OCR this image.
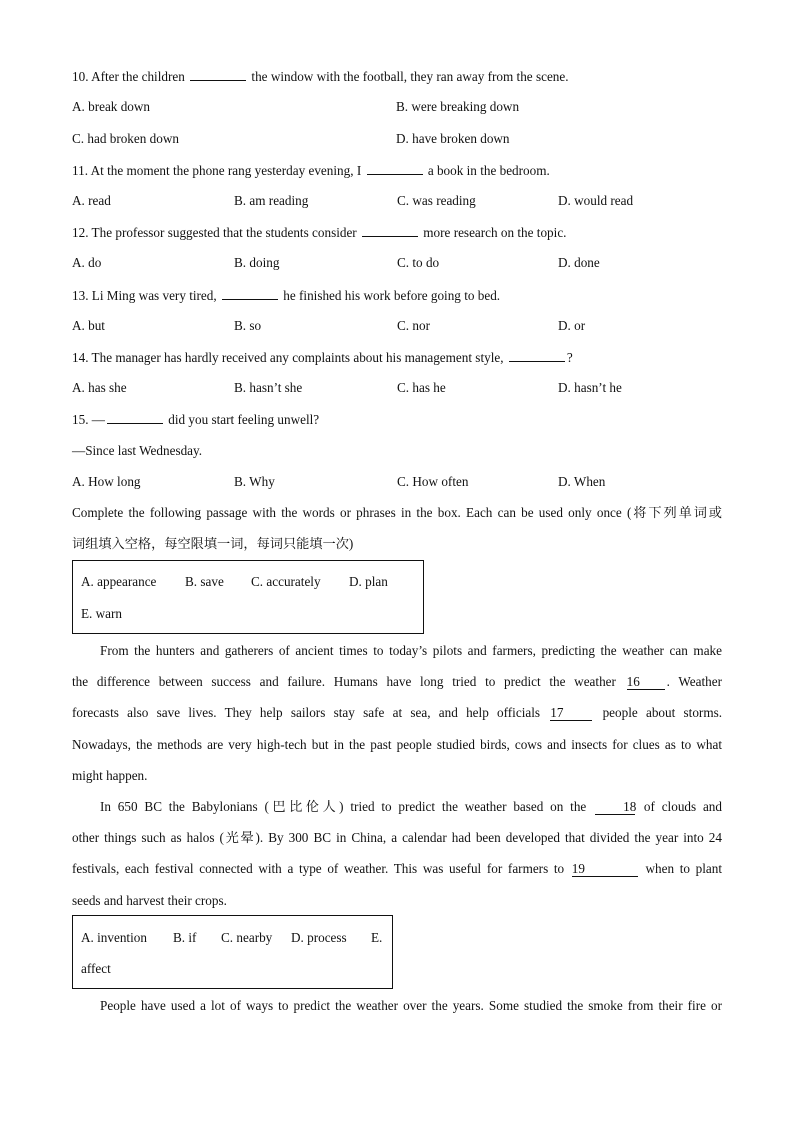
10. After the children	the window with the football, they ran away from the scene.
A. break down	B. were breaking down
C. had broken down	D. have broken down
11. At the moment the phone rang yesterday evening, I	a book in the bedroom.
A. read	B. am reading	C. was reading	D. would read
12. The professor suggested that the students consider	more research on the topic.
A. do	B. doing	C. to do	D. done
13. Li Ming was very tired,	he finished his work before going to bed.
A. but	B. so	C. nor	D. or
14. The manager has hardly received any complaints about his management style,	?
A. has she	B. hasn’t she	C. has he	D. hasn’t he
15. —	did you start feeling unwell?
—Since last Wednesday.
A. How long	B. Why	C. How often	D. When
Complete the following passage with the words or phrases in the box. Each can be used only once (将下列单词或
词组填入空格，每空限填一词，每词只能填一次)
A. appearance B. save C. accurately D. plan
E. warn
From the hunters and gatherers of ancient times to today’s pilots and farmers, predicting the weather can make
the difference between success and failure. Humans have long tried to predict the weather 16 . Weather
forecasts also save lives. They help sailors stay safe at sea, and help officials 17	people about storms.
Nowadays, the methods are very high-tech but in the past people studied birds, cows and insects for clues as to what
might happen.
In 650 BC the Babylonians (巴比伦人) tried to predict the weather based on the	18 of clouds and
other things such as halos (光晕). By 300 BC in China, a calendar had been developed that divided the year into 24
festivals, each festival connected with a type of weather. This was useful for farmers to 19	when to plant
seeds and harvest their crops.
A. invention B. if C. nearby D. process E.
affect
People have used a lot of ways to predict the weather over the years. Some studied the smoke from their fire or
